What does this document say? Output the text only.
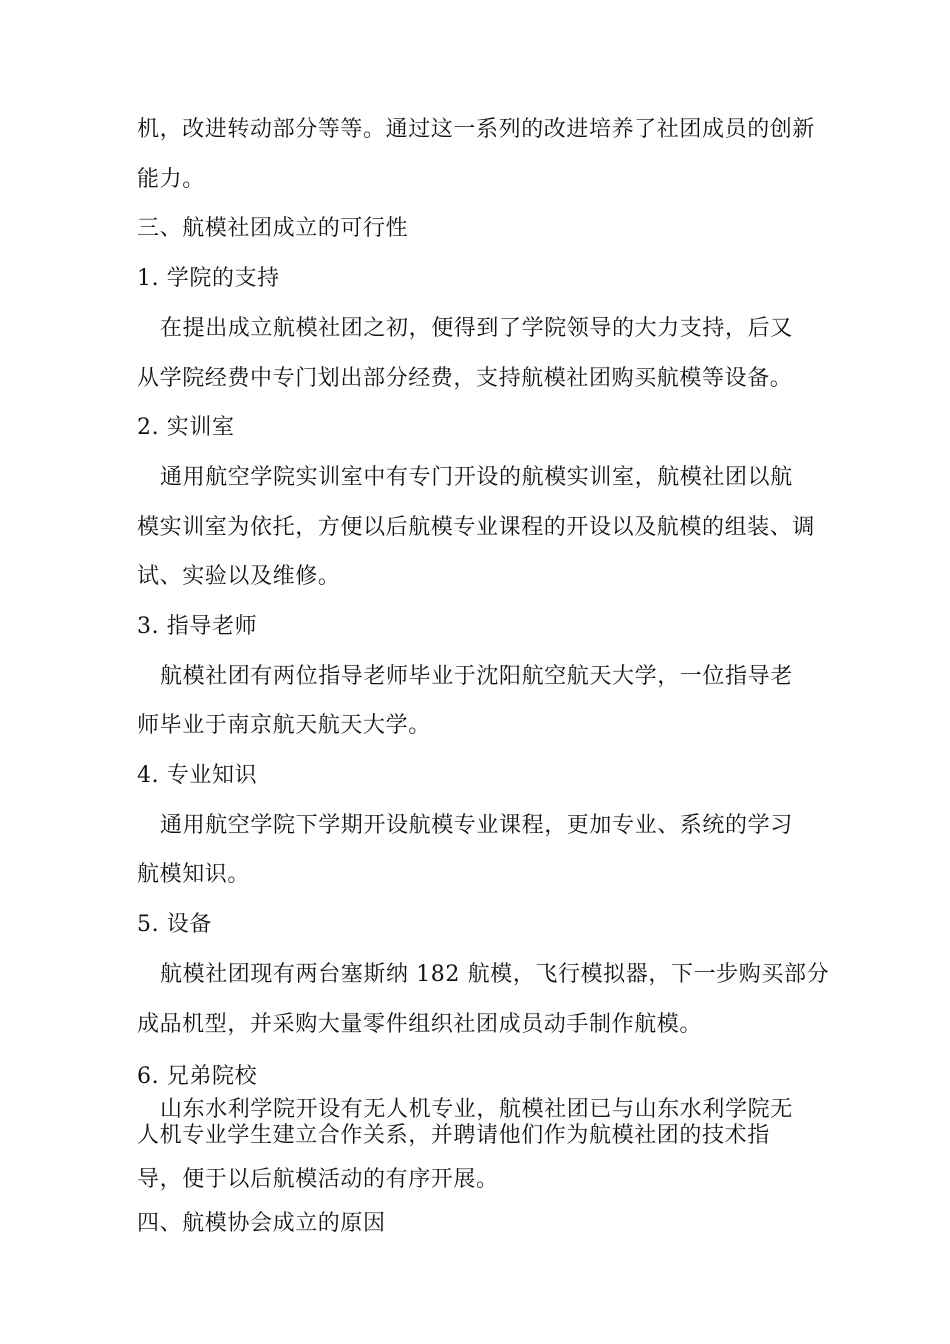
机，改进转动部分等等。通过这一系列的改进培养了社团成员的创新

能力。

三、航模社团成立的可行性

1. 学院的支持

在提出成立航模社团之初，便得到了学院领导的大力支持，后又

从学院经费中专门划出部分经费，支持航模社团购买航模等设备。

2. 实训室

通用航空学院实训室中有专门开设的航模实训室，航模社团以航

模实训室为依托，方便以后航模专业课程的开设以及航模的组装、调

试、实验以及维修。

3. 指导老师

航模社团有两位指导老师毕业于沈阳航空航天大学，一位指导老

师毕业于南京航天航天大学。

4. 专业知识

通用航空学院下学期开设航模专业课程，更加专业、系统的学习

航模知识。

5. 设备

航模社团现有两台塞斯纳 182 航模，飞行模拟器，下一步购买部分

成品机型，并采购大量零件组织社团成员动手制作航模。

6. 兄弟院校

山东水利学院开设有无人机专业，航模社团已与山东水利学院无

人机专业学生建立合作关系，并聘请他们作为航模社团的技术指

导，便于以后航模活动的有序开展。

四、航模协会成立的原因
